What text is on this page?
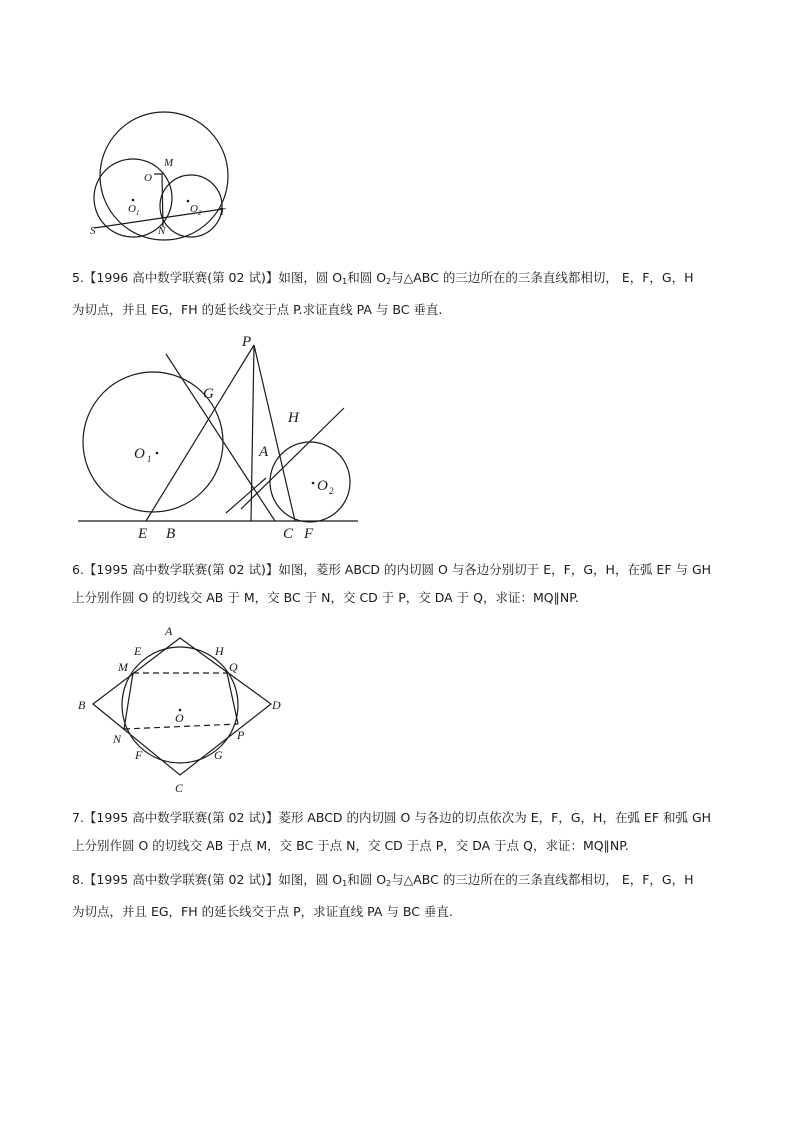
M
O
O 1	O 2
S	N
T

5.【1996 高中数学联赛(第 02 试)】如图，圆 $O_1$和圆 $O_2$与△ABC 的三边所在的三条直线都相切， E，F，G，H

为切点，并且 EG，FH 的延长线交于点 P.求证直线 PA 与 BC 垂直.

P
G
H
A
O 1
O 2
E B	C F

6.【1995 高中数学联赛(第 02 试)】如图，菱形 ABCD 的内切圆 O 与各边分别切于 E，F，G，H，在弧 EF 与 GH

上分别作圆 O 的切线交 AB 于 M，交 BC 于 N，交 CD 于 P，交 DA 于 Q，求证：MQ∥NP.

A
E	H
M	Q
B	D
O
N	P
F	G
C

7.【1995 高中数学联赛(第 02 试)】菱形 ABCD 的内切圆 O 与各边的切点依次为 E，F，G，H，在弧 EF 和弧 GH

上分别作圆 O 的切线交 AB 于点 M，交 BC 于点 N，交 CD 于点 P，交 DA 于点 Q，求证：MQ∥NP.

8.【1995 高中数学联赛(第 02 试)】如图，圆 $O_1$和圆 $O_2$与△ABC 的三边所在的三条直线都相切， E，F，G，H

为切点，并且 EG，FH 的延长线交于点 P，求证直线 PA 与 BC 垂直.
